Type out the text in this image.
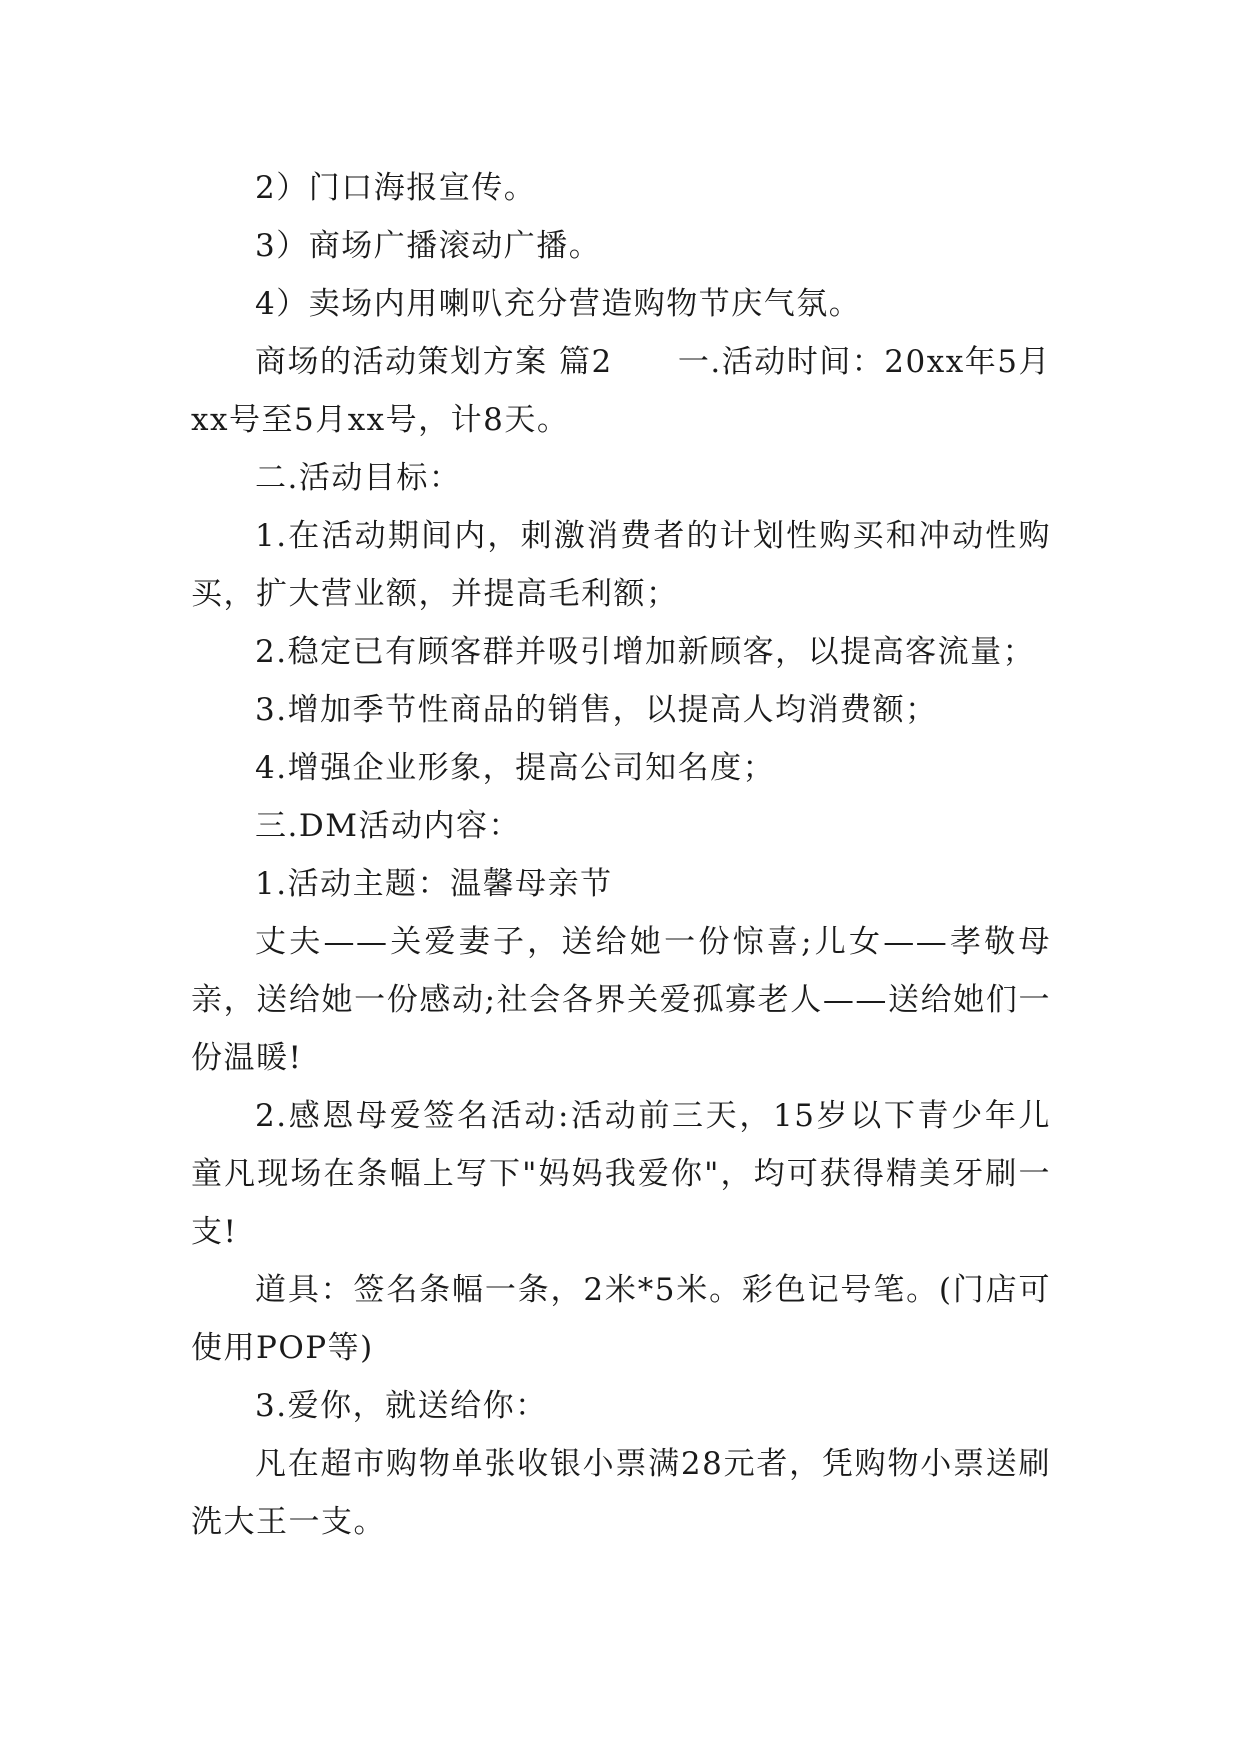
2）门口海报宣传。

3）商场广播滚动广播。

4）卖场内用喇叭充分营造购物节庆气氛。

商场的活动策划方案 篇2　　一.活动时间：20xx年5月xx号至5月xx号，计8天。

二.活动目标：

1.在活动期间内，刺激消费者的计划性购买和冲动性购买，扩大营业额，并提高毛利额；

2.稳定已有顾客群并吸引增加新顾客，以提高客流量；

3.增加季节性商品的销售，以提高人均消费额；

4.增强企业形象，提高公司知名度；

三.DM活动内容：

1.活动主题：温馨母亲节

丈夫——关爱妻子，送给她一份惊喜;儿女——孝敬母亲，送给她一份感动;社会各界关爱孤寡老人——送给她们一份温暖!

2.感恩母爱签名活动:活动前三天，15岁以下青少年儿童凡现场在条幅上写下"妈妈我爱你"，均可获得精美牙刷一支!

道具：签名条幅一条，2米*5米。彩色记号笔。(门店可使用POP等)

3.爱你，就送给你：

凡在超市购物单张收银小票满28元者，凭购物小票送刷洗大王一支。
